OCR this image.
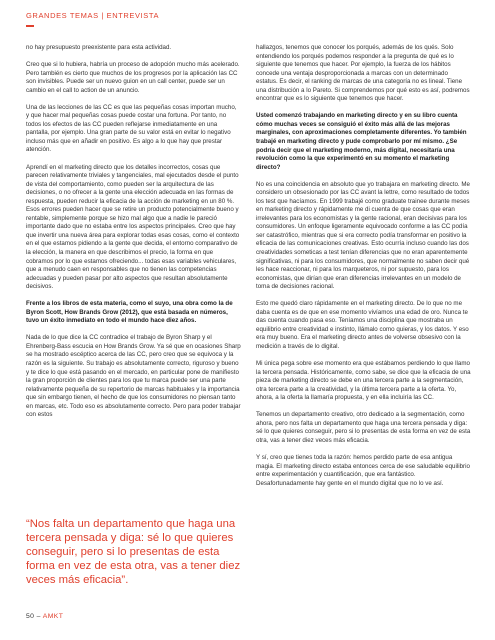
GRANDES TEMAS | ENTREVISTA

no hay presupuesto preexistente para esta actividad.

Creo que si lo hubiera, habría un proceso de adopción mucho más acelerado. Pero también es cierto que muchos de los progresos por la aplicación las CC son invisibles. Puede ser un nuevo guion en un call center, puede ser un cambio en el call to action de un anuncio.

Una de las lecciones de las CC es que las pequeñas cosas importan mucho, y que hacer mal pequeñas cosas puede costar una fortuna. Por tanto, no todos los efectos de las CC pueden reflejarse inmediatamente en una pantalla, por ejemplo. Una gran parte de su valor está en evitar lo negativo incluso más que en añadir en positivo. Es algo a lo que hay que prestar atención.

Aprendí en el marketing directo que los detalles incorrectos, cosas que parecen relativamente triviales y tangenciales, mal ejecutados desde el punto de vista del comportamiento, como pueden ser la arquitectura de las decisiones, o no ofrecer a la gente una elección adecuada en las formas de respuesta, pueden reducir la eficacia de la acción de marketing en un 80 %. Esos errores pueden hacer que se retire un producto potencialmente bueno y rentable, simplemente porque se hizo mal algo que a nadie le pareció importante dado que no estaba entre los aspectos principales. Creo que hay que invertir una nueva área para explorar todas esas cosas, como el contexto en el que estamos pidiendo a la gente que decida, el entorno comparativo de la elección, la manera en que describimos el precio, la forma en que cobramos por lo que estamos ofreciendo... todas esas variables vehiculares, que a menudo caen en responsables que no tienen las competencias adecuadas y pueden pasar por alto aspectos que resultan absolutamente decisivos.

Frente a los libros de esta materia, como el suyo, una obra como la de Byron Scott, How Brands Grow (2012), que está basada en números, tuvo un éxito inmediato en todo el mundo hace diez años.

Nada de lo que dice la CC contradice el trabajo de Byron Sharp y el Ehrenberg-Bass escucia en How Brands Grow. Ya sé que en ocasiones Sharp se ha mostrado escéptico acerca de las CC, pero creo que se equivoca y la razón es la siguiente. Su trabajo es absolutamente correcto, riguroso y bueno y te dice lo que está pasando en el mercado, en particular pone de manifiesto la gran proporción de clientes para los que tu marca puede ser una parte relativamente pequeña de su repertorio de marcas habituales y la importancia que sin embargo tienen, el hecho de que los consumidores no piensan tanto en marcas, etc. Todo eso es absolutamente correcto. Pero para poder trabajar con estos

hallazgos, tenemos que conocer los porqués, además de los qués. Solo entendiendo los porqués podemos responder a la pregunta de qué es lo siguiente que tenemos que hacer. Por ejemplo, la fuerza de los hábitos concede una ventaja desproporcionada a marcas con un determinado estatus. Es decir, el ranking de marcas de una categoría no es lineal. Tiene una distribución a lo Pareto. Si comprendemos por qué esto es así, podremos encontrar que es lo siguiente que tenemos que hacer.

Usted comenzó trabajando en marketing directo y en su libro cuenta cómo muchas veces se consiguió el éxito más allá de las mejoras marginales, con aproximaciones completamente diferentes. Yo también trabajé en marketing directo y pude comprobarlo por mí mismo. ¿Se podría decir que el marketing moderno, más digital, necesitaría una revolución como la que experimentó en su momento el marketing directo?

No es una coincidencia en absoluto que yo trabajara en marketing directo. Me considero un obsesionado por las CC avant la lettre, como resultado de todos los test que hacíamos. En 1999 trabajé como graduate trainee durante meses en marketing directo y rápidamente me di cuenta de que cosas que eran irrelevantes para los economistas y la gente racional, eran decisivas para los consumidores. Un enfoque ligeramente equivocado conforme a las CC podía ser catastrófico, mientras que si era correcto podía transformar en positivo la eficacia de las comunicaciones creativas. Esto ocurría incluso cuando las dos creatividades someticas a test tenían diferencias que no eran aparentemente significativas, ni para los consumidores, que normalmente no saben decir qué les hace reaccionar, ni para los marqueteros, ni por supuesto, para los economistas, que dirían que eran diferencias irrelevantes en un modelo de toma de decisiones racional.

Esto me quedó claro rápidamente en el marketing directo. De lo que no me daba cuenta es de que en ese momento vivíamos una edad de oro. Nunca te das cuenta cuando pasa eso. Teníamos una disciplina que mostraba un equilibrio entre creatividad e instinto, llámalo como quieras, y los datos. Y eso era muy bueno. Era el marketing directo antes de volverse obsesivo con la medición a través de lo digital.

Mi única pega sobre ese momento era que estábamos perdiendo lo que llamo la tercera pensada. Históricamente, como sabe, se dice que la eficacia de una pieza de marketing directo se debe en una tercera parte a la segmentación, otra tercera parte a la creatividad, y la última tercera parte a la oferta. Yo, ahora, a la oferta la llamaría propuesta, y en ella incluiría las CC.

Tenemos un departamento creativo, otro dedicado a la segmentación, como ahora, pero nos falta un departamento que haga una tercera pensada y diga: sé lo que quieres conseguir, pero si lo presentas de esta forma en vez de esta otra, vas a tener diez veces más eficacia.

Y sí, creo que tienes toda la razón: hemos perdido parte de esa antigua magia. El marketing directo estaba entonces cerca de ese saludable equilibrio entre experimentación y cuantificación, que era fantástico. Desafortunadamente hay gente en el mundo digital que no lo ve así.

“Nos falta un departamento que haga una tercera pensada y diga: sé lo que quieres conseguir, pero si lo presentas de esta forma en vez de esta otra, vas a tener diez veces más eficacia”.
50 – AMKT
